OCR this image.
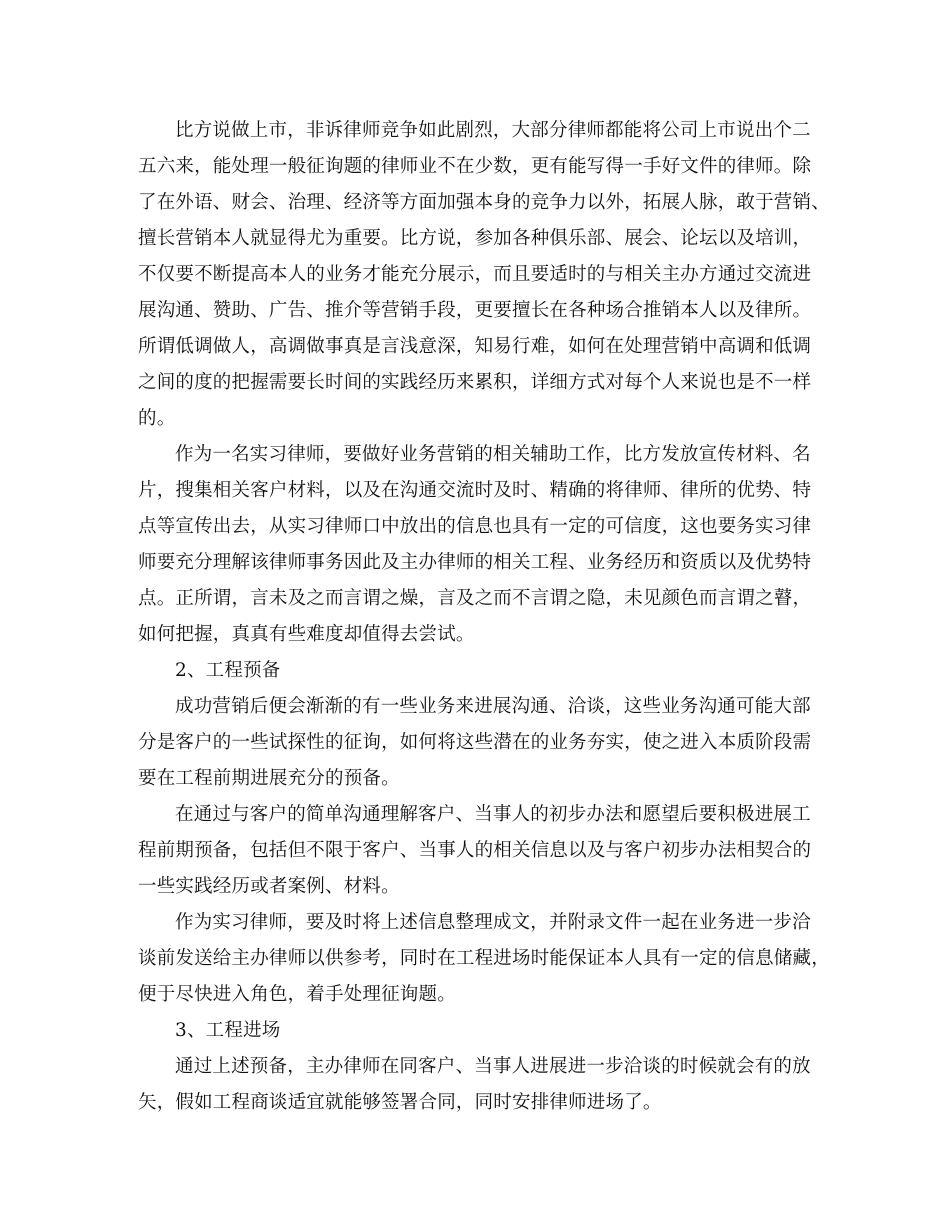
比方说做上市，非诉律师竞争如此剧烈，大部分律师都能将公司上市说出个二
五六来，能处理一般征询题的律师业不在少数，更有能写得一手好文件的律师。除
了在外语、财会、治理、经济等方面加强本身的竞争力以外，拓展人脉，敢于营销、
擅长营销本人就显得尤为重要。比方说，参加各种俱乐部、展会、论坛以及培训，
不仅要不断提高本人的业务才能充分展示，而且要适时的与相关主办方通过交流进
展沟通、赞助、广告、推介等营销手段，更要擅长在各种场合推销本人以及律所。
所谓低调做人，高调做事真是言浅意深，知易行难，如何在处理营销中高调和低调
之间的度的把握需要长时间的实践经历来累积，详细方式对每个人来说也是不一样
的。
作为一名实习律师，要做好业务营销的相关辅助工作，比方发放宣传材料、名
片，搜集相关客户材料，以及在沟通交流时及时、精确的将律师、律所的优势、特
点等宣传出去，从实习律师口中放出的信息也具有一定的可信度，这也要务实习律
师要充分理解该律师事务因此及主办律师的相关工程、业务经历和资质以及优势特
点。正所谓，言未及之而言谓之燥，言及之而不言谓之隐，未见颜色而言谓之瞽，
如何把握，真真有些难度却值得去尝试。
2、工程预备
成功营销后便会渐渐的有一些业务来进展沟通、洽谈，这些业务沟通可能大部
分是客户的一些试探性的征询，如何将这些潜在的业务夯实，使之进入本质阶段需
要在工程前期进展充分的预备。
在通过与客户的简单沟通理解客户、当事人的初步办法和愿望后要积极进展工
程前期预备，包括但不限于客户、当事人的相关信息以及与客户初步办法相契合的
一些实践经历或者案例、材料。
作为实习律师，要及时将上述信息整理成文，并附录文件一起在业务进一步洽
谈前发送给主办律师以供参考，同时在工程进场时能保证本人具有一定的信息储藏，
便于尽快进入角色，着手处理征询题。
3、工程进场
通过上述预备，主办律师在同客户、当事人进展进一步洽谈的时候就会有的放
矢，假如工程商谈适宜就能够签署合同，同时安排律师进场了。
